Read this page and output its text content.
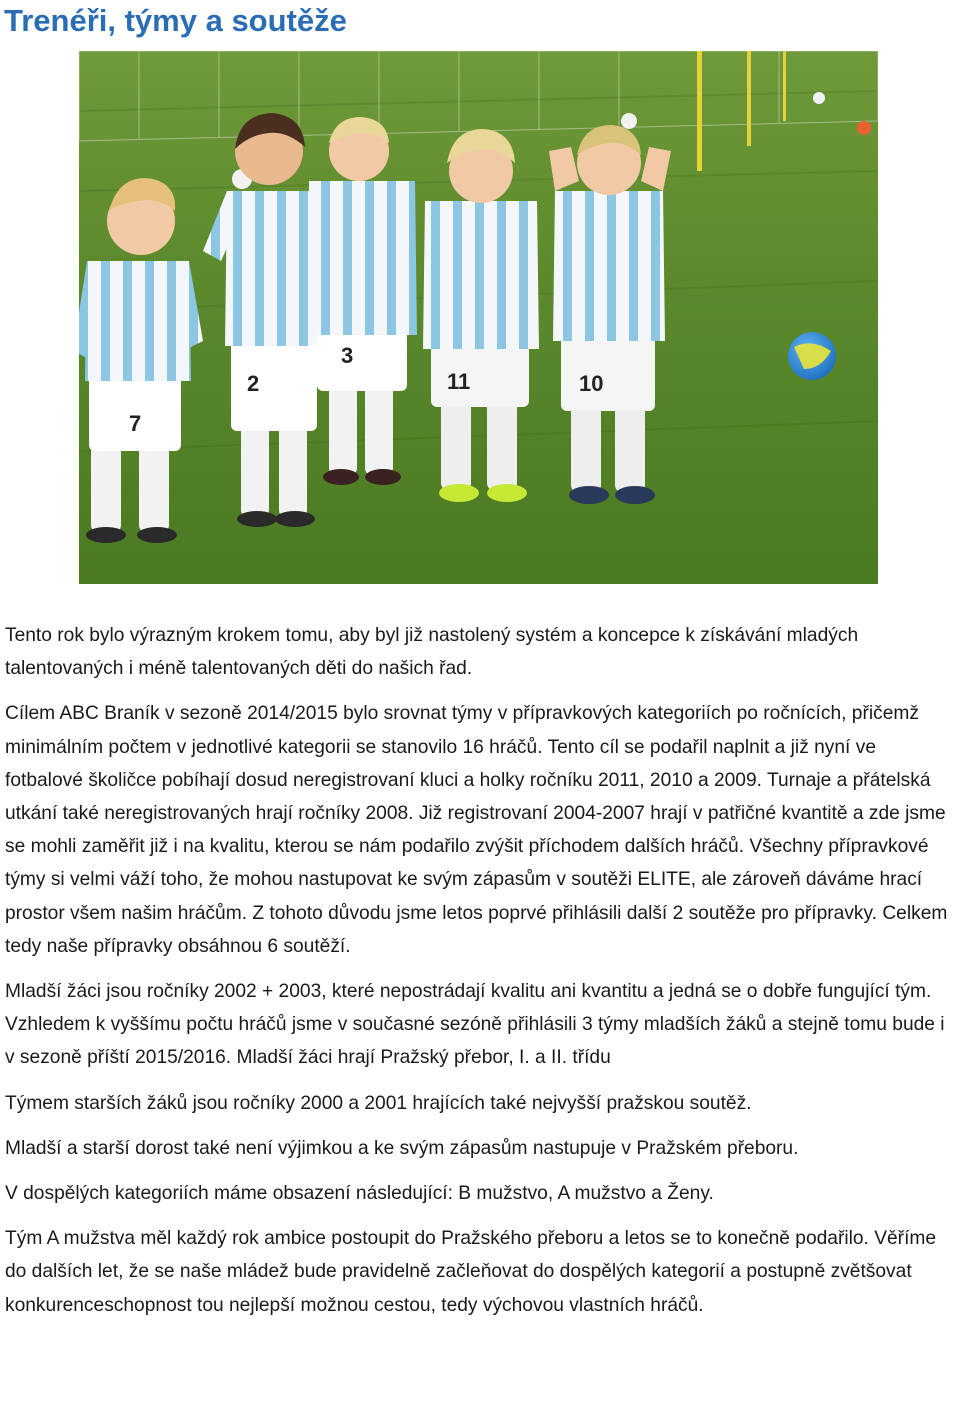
Trenéři, týmy a soutěže
7
2
3
11	10

Tento rok bylo výrazným krokem tomu, aby byl již nastolený systém a koncepce k získávání mladých talentovaných i méně talentovaných děti do našich řad.

Cílem ABC Braník v sezoně 2014/2015 bylo srovnat týmy v přípravkových kategoriích po ročnících, přičemž minimálním počtem v jednotlivé kategorii se stanovilo 16 hráčů. Tento cíl se podařil naplnit a již nyní ve fotbalové školičce pobíhají dosud neregistrovaní kluci a holky ročníku 2011, 2010 a 2009. Turnaje a přátelská utkání také neregistrovaných hrají ročníky 2008. Již registrovaní 2004-2007 hrají v patřičné kvantitě a zde jsme se mohli zaměřit již i na kvalitu, kterou se nám podařilo zvýšit příchodem dalších hráčů. Všechny přípravkové týmy si velmi váží toho, že mohou nastupovat ke svým zápasům v soutěži ELITE, ale zároveň dáváme hrací prostor všem našim hráčům. Z tohoto důvodu jsme letos poprvé přihlásili další 2 soutěže pro přípravky. Celkem tedy naše přípravky obsáhnou 6 soutěží.

Mladší žáci jsou ročníky 2002 + 2003, které nepostrádají kvalitu ani kvantitu a jedná se o dobře fungující tým. Vzhledem k vyššímu počtu hráčů jsme v současné sezóně přihlásili 3 týmy mladších žáků a stejně tomu bude i v sezoně příští 2015/2016. Mladší žáci hrají Pražský přebor, I. a II. třídu

Týmem starších žáků jsou ročníky 2000 a 2001 hrajících také nejvyšší pražskou soutěž.

Mladší a starší dorost také není výjimkou a ke svým zápasům nastupuje v Pražském přeboru.

V dospělých kategoriích máme obsazení následující: B mužstvo, A mužstvo a Ženy.

Tým A mužstva měl každý rok ambice postoupit do Pražského přeboru a letos se to konečně podařilo. Věříme do dalších let, že se naše mládež bude pravidelně začleňovat do dospělých kategorií a postupně zvětšovat konkurenceschopnost tou nejlepší možnou cestou, tedy výchovou vlastních hráčů.
